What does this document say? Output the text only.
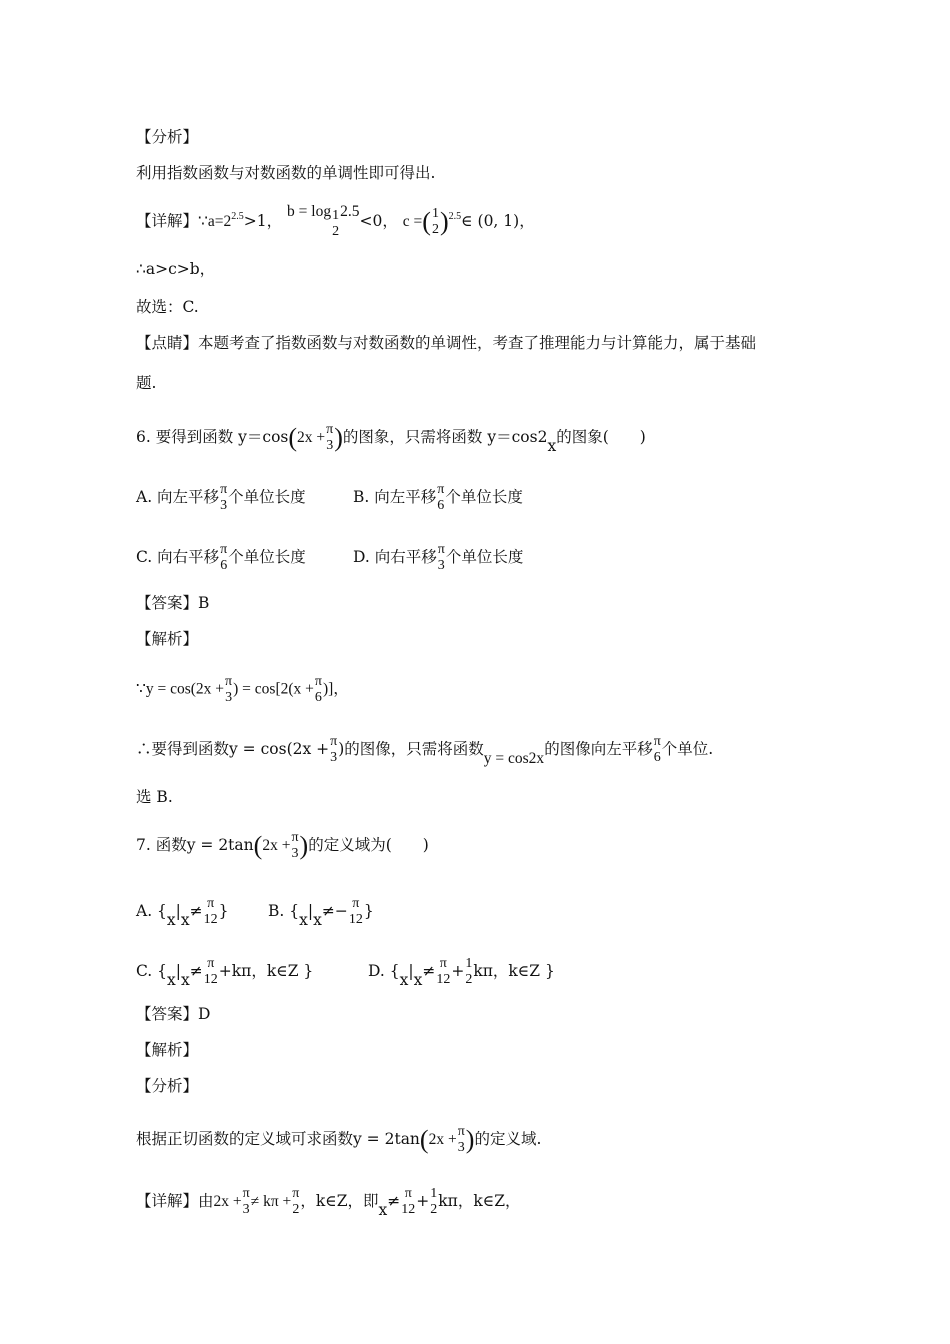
【分析】
利用指数函数与对数函数的单调性即可得出.
【详解】$\because a=2^{2.5}>1$， b = log 1
2
2.5<0， c =( 1
2 )$^{2.5}$∈ (0, 1)，
∴a>c>b，
故选：C.
【点睛】本题考查了指数函数与对数函数的单调性，考查了推理能力与计算能力，属于基础
题.
6. 要得到函数 y＝cos(2x + π
3 )的图象，只需将函数 y＝cos2x的图象(　　)
A. 向左平移 π
3 个单位长度	B. 向左平移 π
6 个单位长度
C. 向右平移 π
6 个单位长度	D. 向右平移 π
3 个单位长度
【答案】B
【解析】
∵y = cos(2x + π
3 ) = cos[2(x + π
6 )]，
∴要得到函数y = cos(2x + π
3 )的图像，只需将函数y = cos2x的图像向左平移 π
6 个单位.
选 B.
7. 函数y = 2tan(2x + π
3 )的定义域为(　　)
A. {x|x≠ π
12 }	B. {x|x≠− π
12 }
C. {x|x≠ π
12 +kπ，k∈Z }	D. {x|x≠ π
12 + 1
2 kπ，k∈Z }
【答案】D
【解析】
【分析】
根据正切函数的定义域可求函数y = 2tan(2x + π
3 )的定义域.
【详解】由2x + π
3 ≠ kπ + π
2 ，k∈Z，即x≠ π
12 + 1
2 kπ，k∈Z，
